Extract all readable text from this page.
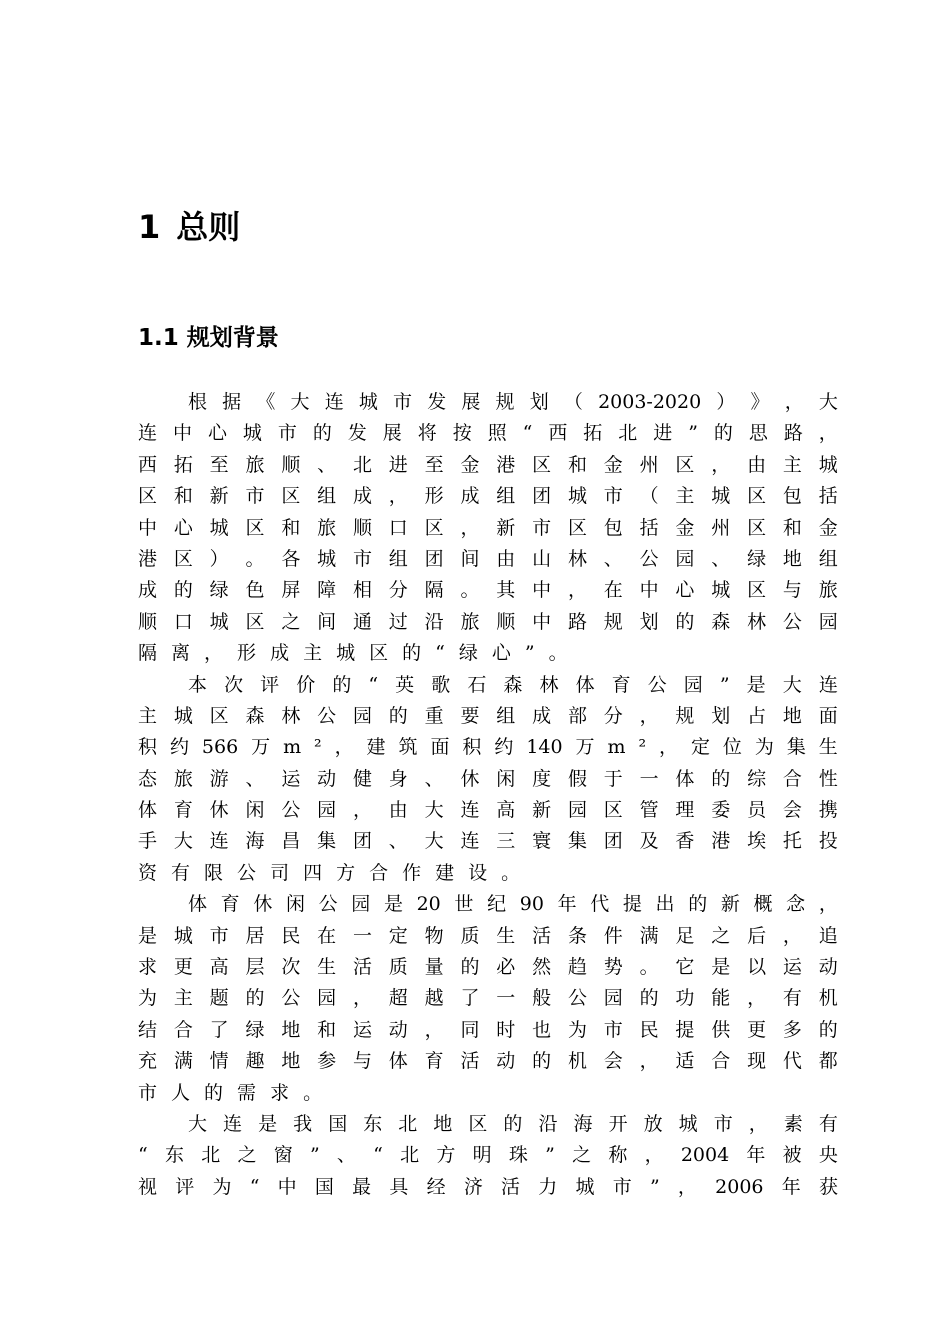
1 总则
1.1 规划背景
根 据 《 大 连 城 市 发 展 规 划 （ 2003-2020 ） 》 ， 大
连 中 心 城 市 的 发 展 将 按 照 “ 西 拓 北 进 ” 的 思 路 ，
西 拓 至 旅 顺 、 北 进 至 金 港 区 和 金 州 区 ， 由 主 城
区 和 新 市 区 组 成 ， 形 成 组 团 城 市 （ 主 城 区 包 括
中 心 城 区 和 旅 顺 口 区 ， 新 市 区 包 括 金 州 区 和 金
港 区 ） 。 各 城 市 组 团 间 由 山 林 、 公 园 、 绿 地 组
成 的 绿 色 屏 障 相 分 隔 。 其 中 ， 在 中 心 城 区 与 旅
顺 口 城 区 之 间 通 过 沿 旅 顺 中 路 规 划 的 森 林 公 园
隔 离 ， 形 成 主 城 区 的 “ 绿 心 ” 。
本 次 评 价 的 “ 英 歌 石 森 林 体 育 公 园 ” 是 大 连
主 城 区 森 林 公 园 的 重 要 组 成 部 分 ， 规 划 占 地 面
积 约 566 万 m ² ， 建 筑 面 积 约 140 万 m ² ， 定 位 为 集 生
态 旅 游 、 运 动 健 身 、 休 闲 度 假 于 一 体 的 综 合 性
体 育 休 闲 公 园 ， 由 大 连 高 新 园 区 管 理 委 员 会 携
手 大 连 海 昌 集 团 、 大 连 三 寰 集 团 及 香 港 埃 托 投
资 有 限 公 司 四 方 合 作 建 设 。
体 育 休 闲 公 园 是 20 世 纪 90 年 代 提 出 的 新 概 念 ，
是 城 市 居 民 在 一 定 物 质 生 活 条 件 满 足 之 后 ， 追
求 更 高 层 次 生 活 质 量 的 必 然 趋 势 。 它 是 以 运 动
为 主 题 的 公 园 ， 超 越 了 一 般 公 园 的 功 能 ， 有 机
结 合 了 绿 地 和 运 动 ， 同 时 也 为 市 民 提 供 更 多 的
充 满 情 趣 地 参 与 体 育 活 动 的 机 会 ， 适 合 现 代 都
市 人 的 需 求 。
大 连 是 我 国 东 北 地 区 的 沿 海 开 放 城 市 ， 素 有
“ 东 北 之 窗 ” 、 “ 北 方 明 珠 ” 之 称 ， 2004 年 被 央
视 评 为 “ 中 国 最 具 经 济 活 力 城 市 ” ， 2006 年 获
